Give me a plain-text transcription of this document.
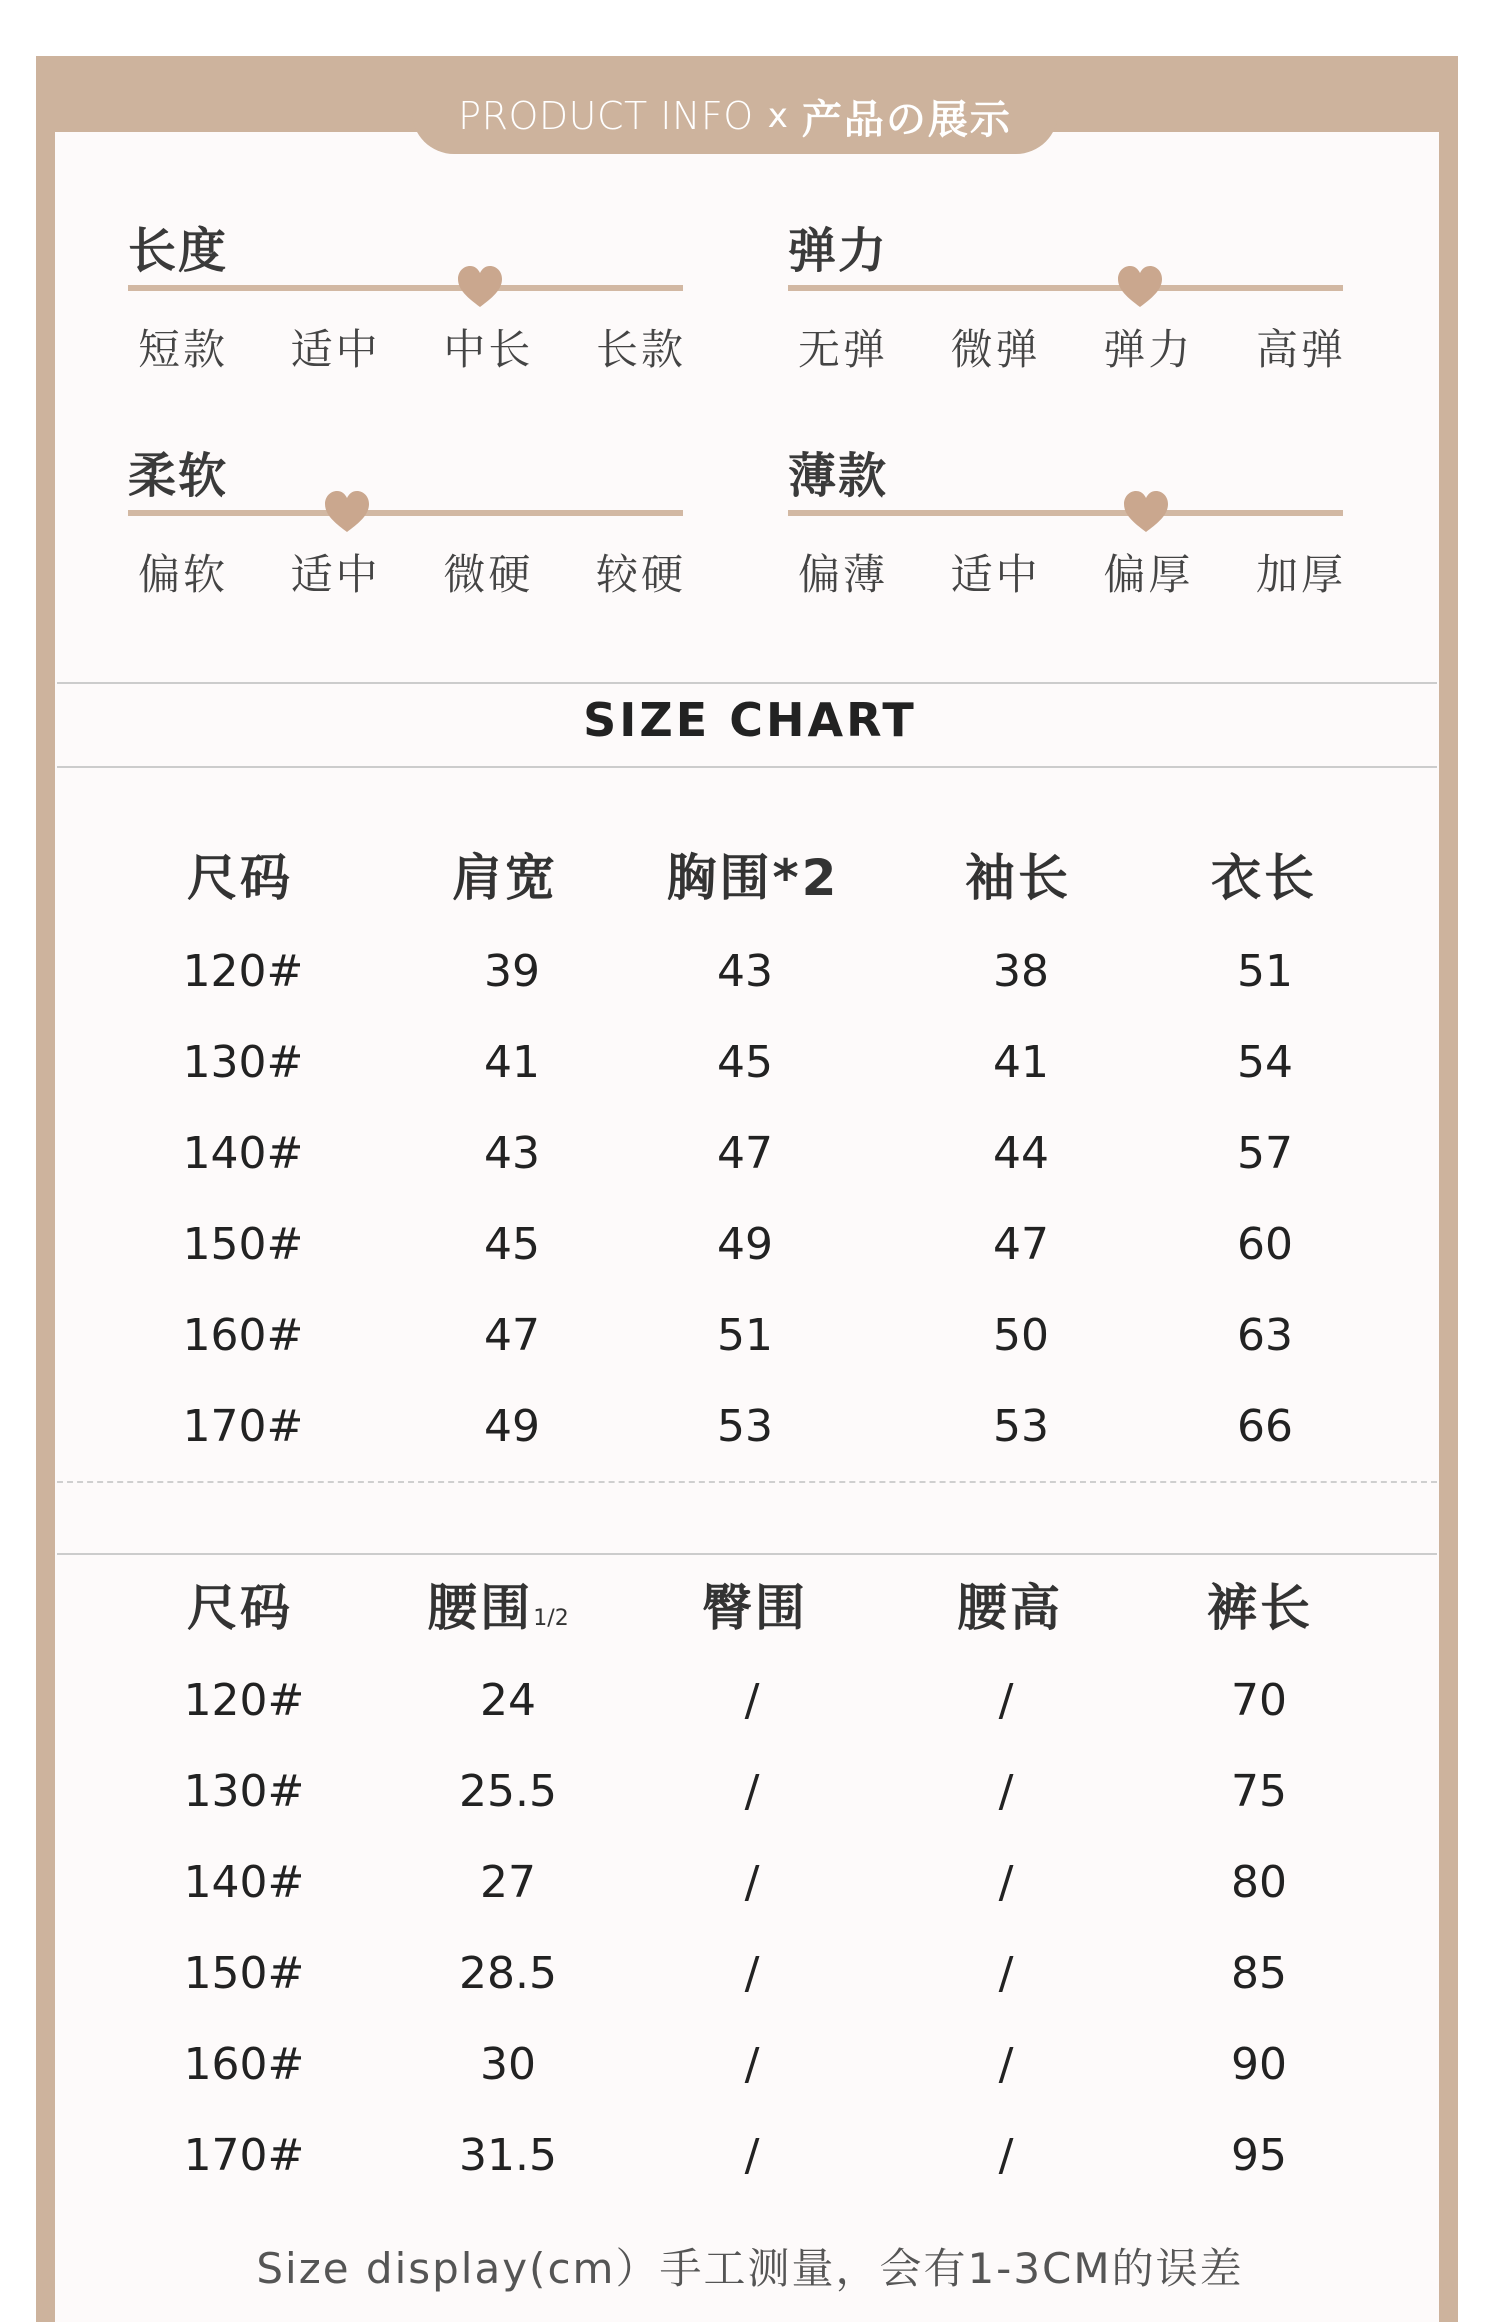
PRODUCT INFO x 产品の展示
长度
短款 适中 中长 长款
弹力
无弹 微弹 弹力 高弹
柔软
偏软 适中 微硬 较硬
薄款
偏薄 适中 偏厚 加厚
SIZE CHART
尺码	肩宽	胸围*2	袖长	衣长
120#	39	43	38	51
130#	41	45	41	54
140#	43	47	44	57
150#	45	49	47	60
160#	47	51	50	63
170#	49	53	53	66
尺码	腰围1/2	臀围	腰高	裤长
120#	24	/	/	70
130#	25.5	/	/	75
140#	27	/	/	80
150#	28.5	/	/	85
160#	30	/	/	90
170#	31.5	/	/	95
Size display(cm）手工测量，会有1-3CM的误差
